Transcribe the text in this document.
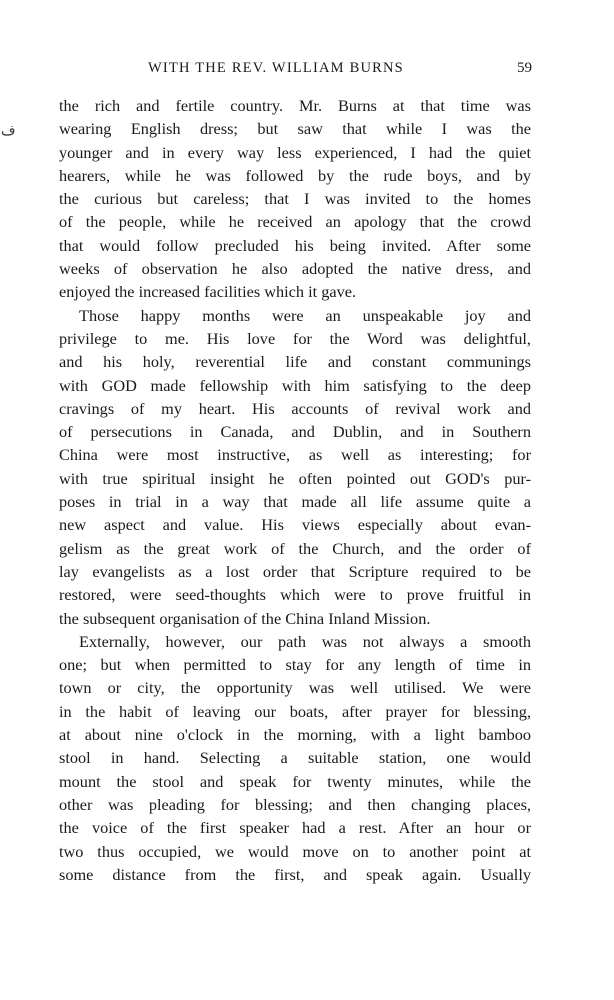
WITH THE REV. WILLIAM BURNS	59
ف
the rich and fertile country. Mr. Burns at that time was
wearing English dress; but saw that while I was the
younger and in every way less experienced, I had the quiet
hearers, while he was followed by the rude boys, and by
the curious but careless; that I was invited to the homes
of the people, while he received an apology that the crowd
that would follow precluded his being invited. After some
weeks of observation he also adopted the native dress, and
enjoyed the increased facilities which it gave.
Those happy months were an unspeakable joy and
privilege to me. His love for the Word was delightful,
and his holy, reverential life and constant communings
with GOD made fellowship with him satisfying to the deep
cravings of my heart. His accounts of revival work and
of persecutions in Canada, and Dublin, and in Southern
China were most instructive, as well as interesting; for
with true spiritual insight he often pointed out GOD's pur-
poses in trial in a way that made all life assume quite a
new aspect and value. His views especially about evan-
gelism as the great work of the Church, and the order of
lay evangelists as a lost order that Scripture required to be
restored, were seed-thoughts which were to prove fruitful in
the subsequent organisation of the China Inland Mission.
Externally, however, our path was not always a smooth
one; but when permitted to stay for any length of time in
town or city, the opportunity was well utilised. We were
in the habit of leaving our boats, after prayer for blessing,
at about nine o'clock in the morning, with a light bamboo
stool in hand. Selecting a suitable station, one would
mount the stool and speak for twenty minutes, while the
other was pleading for blessing; and then changing places,
the voice of the first speaker had a rest. After an hour or
two thus occupied, we would move on to another point at
some distance from the first, and speak again. Usually
